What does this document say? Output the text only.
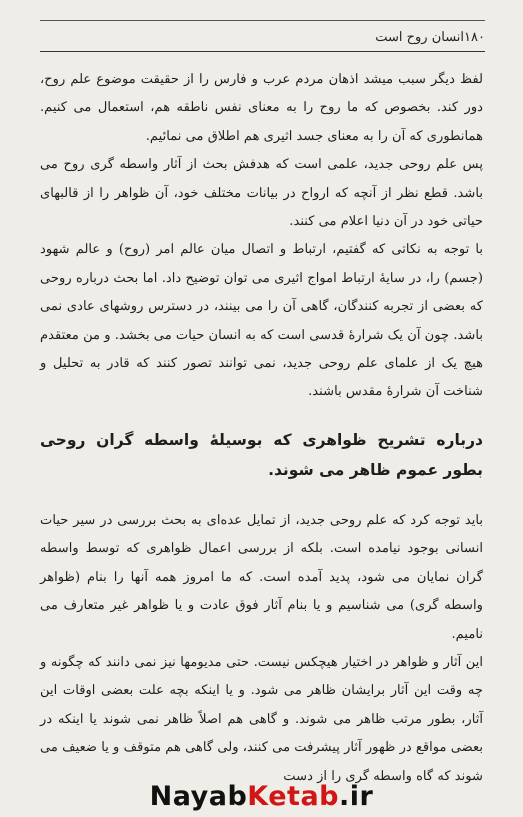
۱۸۰انسان روح است

لفظ دیگر سبب میشد اذهان مردم عرب و فارس را از حقیقت موضوع علم روح، دور کند. بخصوص که ما روح را به معنای نفس ناطقه هم، استعمال می کنیم. همانطوری که آن را به معنای جسد اثیری هم اطلاق می نمائیم.

پس علم روحی جدید، علمی است که هدفش بحث از آثار واسطه گری روح می باشد. قطع نظر از آنچه که ارواح در بیانات مختلف خود، آن ظواهر را از قالبهای حیاتی خود در آن دنیا اعلام می کنند.

با توجه به نکاتی که گفتیم، ارتباط و اتصال میان عالم امر (روح) و عالم شهود (جسم) را، در سایهٔ ارتباط امواج اثیری می توان توضیح داد. اما بحث درباره روحی که بعضی از تجربه کنندگان، گاهی آن را می بینند، در دسترس روشهای عادی نمی باشد. چون آن یک شرارهٔ قدسی است که به انسان حیات می بخشد. و من معتقدم هیچ یک از علمای علم روحی جدید، نمی توانند تصور کنند که قادر به تحلیل و شناخت آن شرارهٔ مقدس باشند.

درباره تشریح ظواهری که بوسیلهٔ واسطه گران روحی بطور عموم ظاهر می شوند.

باید توجه کرد که علم روحی جدید، از تمایل عده‌ای به بحث بررسی در سیر حیات انسانی بوجود نیامده است. بلکه از بررسی اعمال ظواهری که توسط واسطه گران نمایان می شود، پدید آمده است. که ما امروز همه آنها را بنام (ظواهر واسطه گری) می شناسیم و یا بنام آثار فوق عادت و یا ظواهر غیر متعارف می نامیم.

این آثار و ظواهر در اختیار هیچکس نیست. حتی مدیومها نیز نمی دانند که چگونه و چه وقت این آثار برایشان ظاهر می شود. و یا اینکه بچه علت بعضی اوقات این آثار، بطور مرتب ظاهر می شوند. و گاهی هم اصلاً ظاهر نمی شوند یا اینکه در بعضی مواقع در ظهور آثار پیشرفت می کنند، ولی گاهی هم متوقف و یا ضعیف می شوند که گاه واسطه گری را از دست

NayabKetab.ir
